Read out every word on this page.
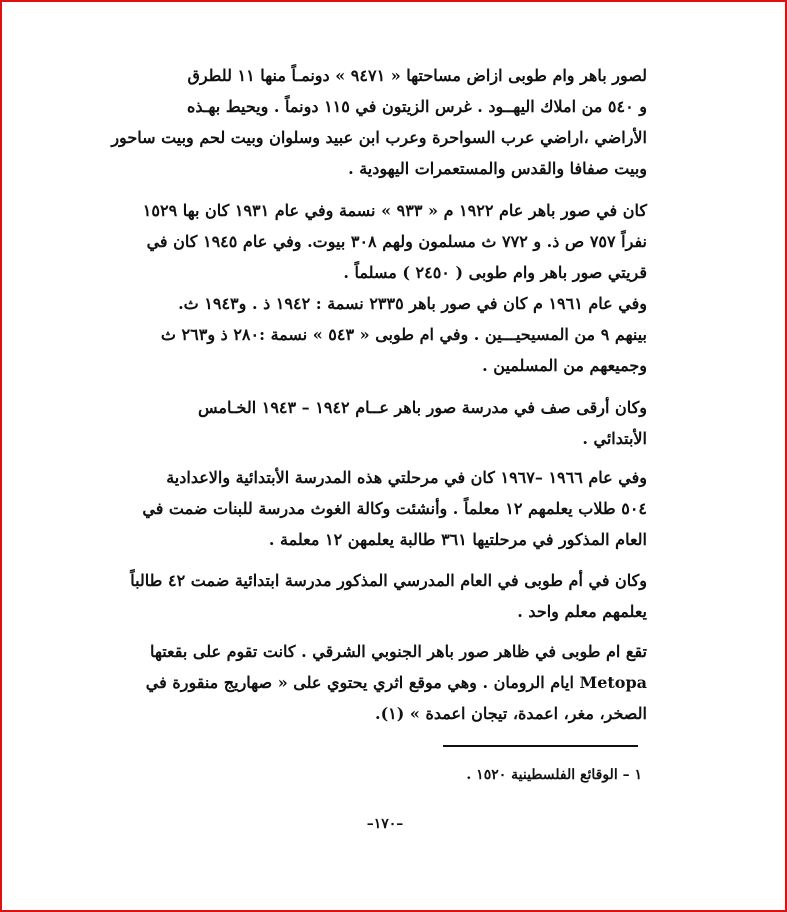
لصور باهر وام طوبى ازاض مساحتها « ٩٤٧١ » دونمـاً منها ١١ للطرق
و ٥٤٠ من املاك اليهــود . غرس الزيتون في ١١٥ دونماً . ويحيط بهـذه
الأراضي ،اراضي عرب السواحرة وعرب ابن عبيد وسلوان وبيت لحم وبيت ساحور
وبيت صفافا والقدس والمستعمرات اليهودية .
كان في صور باهر عام ١٩٢٢ م « ٩٣٣ » نسمة وفي عام ١٩٣١ كان بها ١٥٢٩
نفراً ٧٥٧ ص ذ. و ٧٧٢ ث مسلمون ولهم ٣٠٨ بيوت. وفي عام ١٩٤٥ كان في
قريتي صور باهر وام طوبى ( ٢٤٥٠ ) مسلماً .
وفي عام ١٩٦١ م كان في صور باهر ٢٣٣٥ نسمة : ١٩٤٢ ذ . و١٩٤٣ ث.
بينهم ٩ من المسيحيـــين . وفي ام طوبى « ٥٤٣ » نسمة :٢٨٠ ذ و٢٦٣ ث
وجميعهم من المسلمين .
وكان أرقى صف في مدرسة صور باهر عــام ١٩٤٢ – ١٩٤٣ الخـامس
الأبتدائي .
وفي عام ١٩٦٦ –١٩٦٧ كان في مرحلتي هذه المدرسة الأبتدائية والاعدادية
٥٠٤ طلاب يعلمهم ١٢ معلماً . وأنشئت وكالة الغوث مدرسة للبنات ضمت في
العام المذكور في مرحلتيها ٣٦١ طالبة يعلمهن ١٢ معلمة .
وكان في أم طوبى في العام المدرسي المذكور مدرسة ابتدائية ضمت ٤٢ طالباً
يعلمهم معلم واحد .
تقع ام طوبى في ظاهر صور باهر الجنوبي الشرقي . كانت تقوم على بقعتها
Metopa ايام الرومان . وهي موقع اثري يحتوي على « صهاريج منقورة في
الصخر، مغر، اعمدة، تيجان اعمدة » (١).
١ – الوقائع الفلسطينية ١٥٢٠ .
–١٧٠–
